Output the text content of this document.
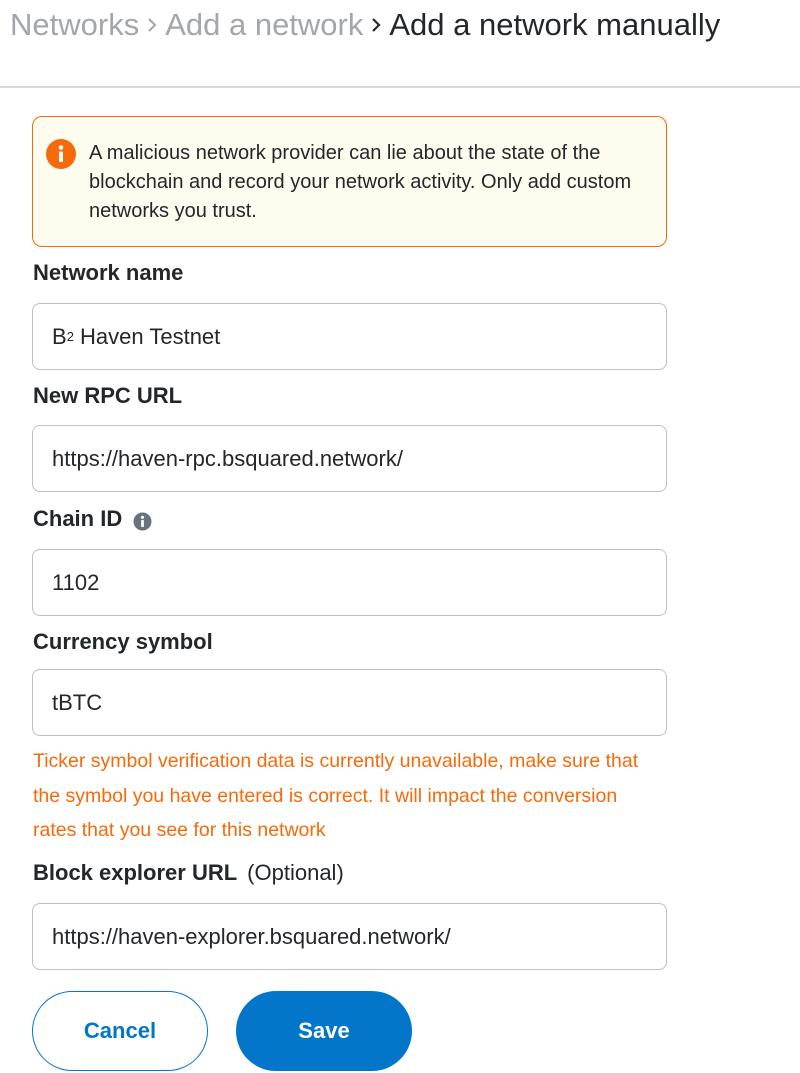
Networks Add a network Add a network manually
A malicious network provider can lie about the state of the blockchain and record your network activity. Only add custom networks you trust.
Network name
B 2 Haven Testnet
New RPC URL
https://haven-rpc.bsquared.network/
Chain ID
1102
Currency symbol
tBTC
Ticker symbol verification data is currently unavailable, make sure that the symbol you have entered is correct. It will impact the conversion rates that you see for this network
Block explorer URL (Optional)
https://haven-explorer.bsquared.network/
Cancel	Save
